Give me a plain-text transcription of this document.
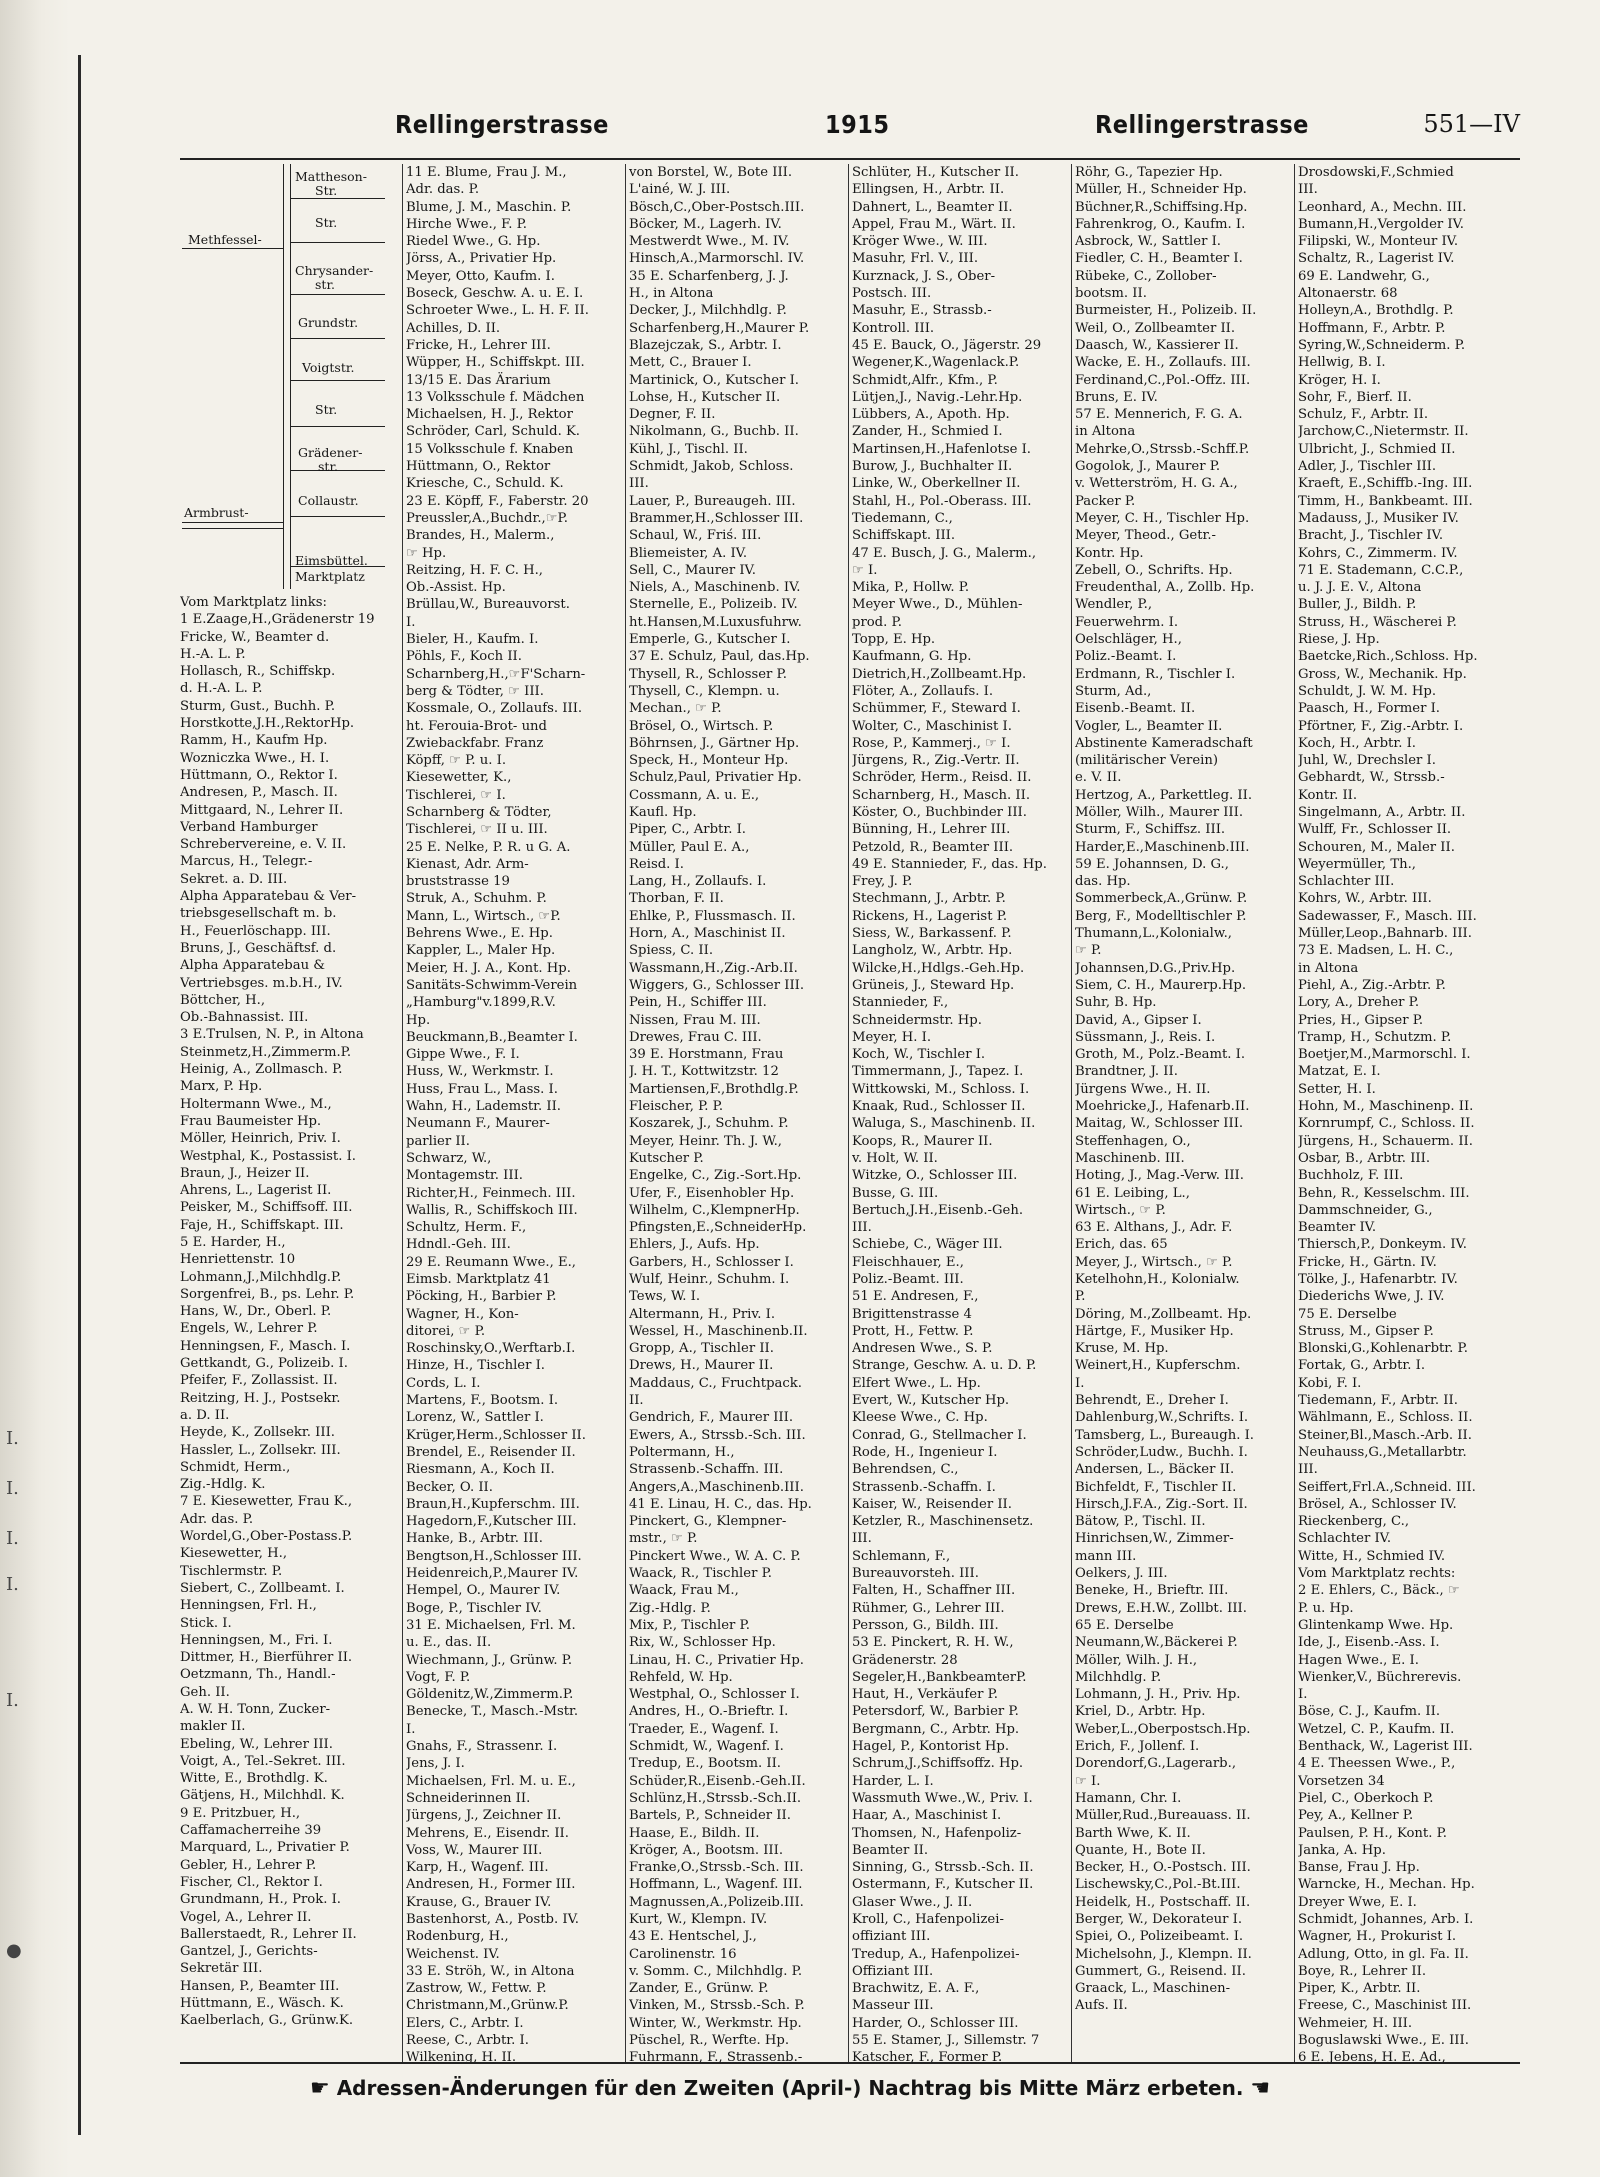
I.
I.
I.
I.
I.

●
Rellingerstrasse	1915	Rellingerstrasse	551—IV
Mattheson-
Str.
Str.
Chrysander-
str.
Grundstr.
Voigtstr.
Str.
Grädener-
str.
Collaustr.
Eimsbüttel.
Marktplatz
Methfessel-
Armbrust-
Vom Marktplatz links:
1 E.Zaage,H.,Grädenerstr 19
Fricke, W., Beamter d.
H.-A. L. P.
Hollasch, R., Schiffskp.
d. H.-A. L. P.
Sturm, Gust., Buchh. P.
Horstkotte,J.H.,RektorHp.
Ramm, H., Kaufm Hp.
Wozniczka Wwe., H. I.
Hüttmann, O., Rektor I.
Andresen, P., Masch. II.
Mittgaard, N., Lehrer II.
Verband Hamburger
Schrebervereine, e. V. II.
Marcus, H., Telegr.-
Sekret. a. D. III.
Alpha Apparatebau & Ver-
triebsgesellschaft m. b.
H., Feuerlöschapp. III.
Bruns, J., Geschäftsf. d.
Alpha Apparatebau &
Vertriebsges. m.b.H., IV.
Böttcher, H.,
Ob.-Bahnassist. III.
3 E.Trulsen, N. P., in Altona
Steinmetz,H.,Zimmerm.P.
Heinig, A., Zollmasch. P.
Marx, P. Hp.
Holtermann Wwe., M.,
Frau Baumeister Hp.
Möller, Heinrich, Priv. I.
Westphal, K., Postassist. I.
Braun, J., Heizer II.
Ahrens, L., Lagerist II.
Peisker, M., Schiffsoff. III.
Faje, H., Schiffskapt. III.
5 E. Harder, H.,
Henriettenstr. 10
Lohmann,J.,Milchhdlg.P.
Sorgenfrei, B., ps. Lehr. P.
Hans, W., Dr., Oberl. P.
Engels, W., Lehrer P.
Henningsen, F., Masch. I.
Gettkandt, G., Polizeib. I.
Pfeifer, F., Zollassist. II.
Reitzing, H. J., Postsekr.
a. D. II.
Heyde, K., Zollsekr. III.
Hassler, L., Zollsekr. III.
Schmidt, Herm.,
Zig.-Hdlg. K.
7 E. Kiesewetter, Frau K.,
Adr. das. P.
Wordel,G.,Ober-Postass.P.
Kiesewetter, H.,
Tischlermstr. P.
Siebert, C., Zollbeamt. I.
Henningsen, Frl. H.,
Stick. I.
Henningsen, M., Fri. I.
Dittmer, H., Bierführer II.
Oetzmann, Th., Handl.-
Geh. II.
A. W. H. Tonn, Zucker-
makler II.
Ebeling, W., Lehrer III.
Voigt, A., Tel.-Sekret. III.
Witte, E., Brothdlg. K.
Gätjens, H., Milchhdl. K.
9 E. Pritzbuer, H.,
Caffamacherreihe 39
Marquard, L., Privatier P.
Gebler, H., Lehrer P.
Fischer, Cl., Rektor I.
Grundmann, H., Prok. I.
Vogel, A., Lehrer II.
Ballerstaedt, R., Lehrer II.
Gantzel, J., Gerichts-
Sekretär III.
Hansen, P., Beamter III.
Hüttmann, E., Wäsch. K.
Kaelberlach, G., Grünw.K.
11 E. Blume, Frau J. M.,
Adr. das. P.
Blume, J. M., Maschin. P.
Hirche Wwe., F. P.
Riedel Wwe., G. Hp.
Jörss, A., Privatier Hp.
Meyer, Otto, Kaufm. I.
Boseck, Geschw. A. u. E. I.
Schroeter Wwe., L. H. F. II.
Achilles, D. II.
Fricke, H., Lehrer III.
Wüpper, H., Schiffskpt. III.
13/15 E. Das Ärarium
13 Volksschule f. Mädchen
Michaelsen, H. J., Rektor
Schröder, Carl, Schuld. K.
15 Volksschule f. Knaben
Hüttmann, O., Rektor
Kriesche, C., Schuld. K.
23 E. Köpff, F., Faberstr. 20
Preussler,A.,Buchdr.,☞P.
Brandes, H., Malerm.,
☞ Hp.
Reitzing, H. F. C. H.,
Ob.-Assist. Hp.
Brüllau,W., Bureauvorst.
I.
Bieler, H., Kaufm. I.
Pöhls, F., Koch II.
Scharnberg,H.,☞F'Scharn-
berg & Tödter, ☞ III.
Kossmale, O., Zollaufs. III.
ht. Ferouia-Brot- und
Zwiebackfabr. Franz
Köpff, ☞ P. u. I.
Kiesewetter, K.,
Tischlerei, ☞ I.
Scharnberg & Tödter,
Tischlerei, ☞ II u. III.
25 E. Nelke, P. R. u G. A.
Kienast, Adr. Arm-
bruststrasse 19
Struk, A., Schuhm. P.
Mann, L., Wirtsch., ☞P.
Behrens Wwe., E. Hp.
Kappler, L., Maler Hp.
Meier, H. J. A., Kont. Hp.
Sanitäts-Schwimm-Verein
„Hamburg"v.1899,R.V.
Hp.
Beuckmann,B.,Beamter I.
Gippe Wwe., F. I.
Huss, W., Werkmstr. I.
Huss, Frau L., Mass. I.
Wahn, H., Lademstr. II.
Neumann F., Maurer-
parlier II.
Schwarz, W.,
Montagemstr. III.
Richter,H., Feinmech. III.
Wallis, R., Schiffskoch III.
Schultz, Herm. F.,
Hdndl.-Geh. III.
29 E. Reumann Wwe., E.,
Eimsb. Marktplatz 41
Pöcking, H., Barbier P.
Wagner, H., Kon-
ditorei, ☞ P.
Roschinsky,O.,Werftarb.I.
Hinze, H., Tischler I.
Cords, L. I.
Martens, F., Bootsm. I.
Lorenz, W., Sattler I.
Krüger,Herm.,Schlosser II.
Brendel, E., Reisender II.
Riesmann, A., Koch II.
Becker, O. II.
Braun,H.,Kupferschm. III.
Hagedorn,F.,Kutscher III.
Hanke, B., Arbtr. III.
Bengtson,H.,Schlosser III.
Heidenreich,P.,Maurer IV.
Hempel, O., Maurer IV.
Boge, P., Tischler IV.
31 E. Michaelsen, Frl. M.
u. E., das. II.
Wiechmann, J., Grünw. P.
Vogt, F. P.
Göldenitz,W.,Zimmerm.P.
Benecke, T., Masch.-Mstr.
I.
Gnahs, F., Strassenr. I.
Jens, J. I.
Michaelsen, Frl. M. u. E.,
Schneiderinnen II.
Jürgens, J., Zeichner II.
Mehrens, E., Eisendr. II.
Voss, W., Maurer III.
Karp, H., Wagenf. III.
Andresen, H., Former III.
Krause, G., Brauer IV.
Bastenhorst, A., Postb. IV.
Rodenburg, H.,
Weichenst. IV.
33 E. Ströh, W., in Altona
Zastrow, W., Fettw. P.
Christmann,M.,Grünw.P.
Elers, C., Arbtr. I.
Reese, C., Arbtr. I.
Wilkening, H. II.
von Borstel, W., Bote III.
L'ainé, W. J. III.
Bösch,C.,Ober-Postsch.III.
Böcker, M., Lagerh. IV.
Mestwerdt Wwe., M. IV.
Hinsch,A.,Marmorschl. IV.
35 E. Scharfenberg, J. J.
H., in Altona
Decker, J., Milchhdlg. P.
Scharfenberg,H.,Maurer P.
Blazejczak, S., Arbtr. I.
Mett, C., Brauer I.
Martinick, O., Kutscher I.
Lohse, H., Kutscher II.
Degner, F. II.
Nikolmann, G., Buchb. II.
Kühl, J., Tischl. II.
Schmidt, Jakob, Schloss.
III.
Lauer, P., Bureaugeh. III.
Brammer,H.,Schlosser III.
Schaul, W., Friś. III.
Bliemeister, A. IV.
Sell, C., Maurer IV.
Niels, A., Maschinenb. IV.
Sternelle, E., Polizeib. IV.
ht.Hansen,M.Luxusfuhrw.
Emperle, G., Kutscher I.
37 E. Schulz, Paul, das.Hp.
Thysell, R., Schlosser P.
Thysell, C., Klempn. u.
Mechan., ☞ P.
Brösel, O., Wirtsch. P.
Böhrnsen, J., Gärtner Hp.
Speck, H., Monteur Hp.
Schulz,Paul, Privatier Hp.
Cossmann, A. u. E.,
Kaufl. Hp.
Piper, C., Arbtr. I.
Müller, Paul E. A.,
Reisd. I.
Lang, H., Zollaufs. I.
Thorban, F. II.
Ehlke, P., Flussmasch. II.
Horn, A., Maschinist II.
Spiess, C. II.
Wassmann,H.,Zig.-Arb.II.
Wiggers, G., Schlosser III.
Pein, H., Schiffer III.
Nissen, Frau M. III.
Drewes, Frau C. III.
39 E. Horstmann, Frau
J. H. T., Kottwitzstr. 12
Martiensen,F.,Brothdlg.P.
Fleischer, P. P.
Koszarek, J., Schuhm. P.
Meyer, Heinr. Th. J. W.,
Kutscher P.
Engelke, C., Zig.-Sort.Hp.
Ufer, F., Eisenhobler Hp.
Wilhelm, C.,KlempnerHp.
Pfingsten,E.,SchneiderHp.
Ehlers, J., Aufs. Hp.
Garbers, H., Schlosser I.
Wulf, Heinr., Schuhm. I.
Tews, W. I.
Altermann, H., Priv. I.
Wessel, H., Maschinenb.II.
Gropp, A., Tischler II.
Drews, H., Maurer II.
Maddaus, C., Fruchtpack.
II.
Gendrich, F., Maurer III.
Ewers, A., Strssb.-Sch. III.
Poltermann, H.,
Strassenb.-Schaffn. III.
Angers,A.,Maschinenb.III.
41 E. Linau, H. C., das. Hp.
Pinckert, G., Klempner-
mstr., ☞ P.
Pinckert Wwe., W. A. C. P.
Waack, R., Tischler P.
Waack, Frau M.,
Zig.-Hdlg. P.
Mix, P., Tischler P.
Rix, W., Schlosser Hp.
Linau, H. C., Privatier Hp.
Rehfeld, W. Hp.
Westphal, O., Schlosser I.
Andres, H., O.-Brieftr. I.
Traeder, E., Wagenf. I.
Schmidt, W., Wagenf. I.
Tredup, E., Bootsm. II.
Schüder,R.,Eisenb.-Geh.II.
Schlünz,H.,Strssb.-Sch.II.
Bartels, P., Schneider II.
Haase, E., Bildh. II.
Kröger, A., Bootsm. III.
Franke,O.,Strssb.-Sch. III.
Hoffmann, L., Wagenf. III.
Magnussen,A.,Polizeib.III.
Kurt, W., Klempn. IV.
43 E. Hentschel, J.,
Carolinenstr. 16
v. Somm. C., Milchhdlg. P.
Zander, E., Grünw. P.
Vinken, M., Strssb.-Sch. P.
Winter, W., Werkmstr. Hp.
Püschel, R., Werfte. Hp.
Fuhrmann, F., Strassenb.-
Schlüter, H., Kutscher II.
Ellingsen, H., Arbtr. II.
Dahnert, L., Beamter II.
Appel, Frau M., Wärt. II.
Kröger Wwe., W. III.
Masuhr, Frl. V., III.
Kurznack, J. S., Ober-
Postsch. III.
Masuhr, E., Strassb.-
Kontroll. III.
45 E. Bauck, O., Jägerstr. 29
Wegener,K.,Wagenlack.P.
Schmidt,Alfr., Kfm., P.
Lütjen,J., Navig.-Lehr.Hp.
Lübbers, A., Apoth. Hp.
Zander, H., Schmied I.
Martinsen,H.,Hafenlotse I.
Burow, J., Buchhalter II.
Linke, W., Oberkellner II.
Stahl, H., Pol.-Oberass. III.
Tiedemann, C.,
Schiffskapt. III.
47 E. Busch, J. G., Malerm.,
☞ I.
Mika, P., Hollw. P.
Meyer Wwe., D., Mühlen-
prod. P.
Topp, E. Hp.
Kaufmann, G. Hp.
Dietrich,H.,Zollbeamt.Hp.
Flöter, A., Zollaufs. I.
Schümmer, F., Steward I.
Wolter, C., Maschinist I.
Rose, P., Kammerj., ☞ I.
Jürgens, R., Zig.-Vertr. II.
Schröder, Herm., Reisd. II.
Scharnberg, H., Masch. II.
Köster, O., Buchbinder III.
Bünning, H., Lehrer III.
Petzold, R., Beamter III.
49 E. Stannieder, F., das. Hp.
Frey, J. P.
Stechmann, J., Arbtr. P.
Rickens, H., Lagerist P.
Siess, W., Barkassenf. P.
Langholz, W., Arbtr. Hp.
Wilcke,H.,Hdlgs.-Geh.Hp.
Grüneis, J., Steward Hp.
Stannieder, F.,
Schneidermstr. Hp.
Meyer, H. I.
Koch, W., Tischler I.
Timmermann, J., Tapez. I.
Wittkowski, M., Schloss. I.
Knaak, Rud., Schlosser II.
Waluga, S., Maschinenb. II.
Koops, R., Maurer II.
v. Holt, W. II.
Witzke, O., Schlosser III.
Busse, G. III.
Bertuch,J.H.,Eisenb.-Geh.
III.
Schiebe, C., Wäger III.
Fleischhauer, E.,
Poliz.-Beamt. III.
51 E. Andresen, F.,
Brigittenstrasse 4
Prott, H., Fettw. P.
Andresen Wwe., S. P.
Strange, Geschw. A. u. D. P.
Elfert Wwe., L. Hp.
Evert, W., Kutscher Hp.
Kleese Wwe., C. Hp.
Conrad, G., Stellmacher I.
Rode, H., Ingenieur I.
Behrendsen, C.,
Strassenb.-Schaffn. I.
Kaiser, W., Reisender II.
Ketzler, R., Maschinensetz.
III.
Schlemann, F.,
Bureauvorsteh. III.
Falten, H., Schaffner III.
Rühmer, G., Lehrer III.
Persson, G., Bildh. III.
53 E. Pinckert, R. H. W.,
Grädenerstr. 28
Segeler,H.,BankbeamterP.
Haut, H., Verkäufer P.
Petersdorf, W., Barbier P.
Bergmann, C., Arbtr. Hp.
Hagel, P., Kontorist Hp.
Schrum,J.,Schiffsoffz. Hp.
Harder, L. I.
Wassmuth Wwe.,W., Priv. I.
Haar, A., Maschinist I.
Thomsen, N., Hafenpoliz-
Beamter II.
Sinning, G., Strssb.-Sch. II.
Ostermann, F., Kutscher II.
Glaser Wwe., J. II.
Kroll, C., Hafenpolizei-
offiziant III.
Tredup, A., Hafenpolizei-
Offiziant III.
Brachwitz, E. A. F.,
Masseur III.
Harder, O., Schlosser III.
55 E. Stamer, J., Sillemstr. 7
Katscher, F., Former P.
Röhr, G., Tapezier Hp.
Müller, H., Schneider Hp.
Büchner,R.,Schiffsing.Hp.
Fahrenkrog, O., Kaufm. I.
Asbrock, W., Sattler I.
Fiedler, C. H., Beamter I.
Rübeke, C., Zollober-
bootsm. II.
Burmeister, H., Polizeib. II.
Weil, O., Zollbeamter II.
Daasch, W., Kassierer II.
Wacke, E. H., Zollaufs. III.
Ferdinand,C.,Pol.-Offz. III.
Bruns, E. IV.
57 E. Mennerich, F. G. A.
in Altona
Mehrke,O.,Strssb.-Schff.P.
Gogolok, J., Maurer P.
v. Wetterström, H. G. A.,
Packer P.
Meyer, C. H., Tischler Hp.
Meyer, Theod., Getr.-
Kontr. Hp.
Zebell, O., Schrifts. Hp.
Freudenthal, A., Zollb. Hp.
Wendler, P.,
Feuerwehrm. I.
Oelschläger, H.,
Poliz.-Beamt. I.
Erdmann, R., Tischler I.
Sturm, Ad.,
Eisenb.-Beamt. II.
Vogler, L., Beamter II.
Abstinente Kameradschaft
(militärischer Verein)
e. V. II.
Hertzog, A., Parkettleg. II.
Möller, Wilh., Maurer III.
Sturm, F., Schiffsz. III.
Harder,E.,Maschinenb.III.
59 E. Johannsen, D. G.,
das. Hp.
Sommerbeck,A.,Grünw. P.
Berg, F., Modelltischler P.
Thumann,L.,Kolonialw.,
☞ P.
Johannsen,D.G.,Priv.Hp.
Siem, C. H., Maurerp.Hp.
Suhr, B. Hp.
David, A., Gipser I.
Süssmann, J., Reis. I.
Groth, M., Polz.-Beamt. I.
Brandtner, J. II.
Jürgens Wwe., H. II.
Moehricke,J., Hafenarb.II.
Maitag, W., Schlosser III.
Steffenhagen, O.,
Maschinenb. III.
Hoting, J., Mag.-Verw. III.
61 E. Leibing, L.,
Wirtsch., ☞ P.
63 E. Althans, J., Adr. F.
Erich, das. 65
Meyer, J., Wirtsch., ☞ P.
Ketelhohn,H., Kolonialw.
P.
Döring, M.,Zollbeamt. Hp.
Härtge, F., Musiker Hp.
Kruse, M. Hp.
Weinert,H., Kupferschm.
I.
Behrendt, E., Dreher I.
Dahlenburg,W.,Schrifts. I.
Tamsberg, L., Bureaugh. I.
Schröder,Ludw., Buchh. I.
Andersen, L., Bäcker II.
Bichfeldt, F., Tischler II.
Hirsch,J.F.A., Zig.-Sort. II.
Bätow, P., Tischl. II.
Hinrichsen,W., Zimmer-
mann III.
Oelkers, J. III.
Beneke, H., Brieftr. III.
Drews, E.H.W., Zollbt. III.
65 E. Derselbe
Neumann,W.,Bäckerei P.
Möller, Wilh. J. H.,
Milchhdlg. P.
Lohmann, J. H., Priv. Hp.
Kriel, D., Arbtr. Hp.
Weber,L.,Oberpostsch.Hp.
Erich, F., Jollenf. I.
Dorendorf,G.,Lagerarb.,
☞ I.
Hamann, Chr. I.
Müller,Rud.,Bureauass. II.
Barth Wwe, K. II.
Quante, H., Bote II.
Becker, H., O.-Postsch. III.
Lischewsky,C.,Pol.-Bt.III.
Heidelk, H., Postschaff. II.
Berger, W., Dekorateur I.
Spiei, O., Polizeibeamt. I.
Michelsohn, J., Klempn. II.
Gummert, G., Reisend. II.
Graack, L., Maschinen-
Aufs. II.
Drosdowski,F.,Schmied
III.
Leonhard, A., Mechn. III.
Bumann,H.,Vergolder IV.
Filipski, W., Monteur IV.
Schaltz, R., Lagerist IV.
69 E. Landwehr, G.,
Altonaerstr. 68
Holleyn,A., Brothdlg. P.
Hoffmann, F., Arbtr. P.
Syring,W.,Schneiderm. P.
Hellwig, B. I.
Kröger, H. I.
Sohr, F., Bierf. II.
Schulz, F., Arbtr. II.
Jarchow,C.,Nietermstr. II.
Ulbricht, J., Schmied II.
Adler, J., Tischler III.
Kraeft, E.,Schiffb.-Ing. III.
Timm, H., Bankbeamt. III.
Madauss, J., Musiker IV.
Bracht, J., Tischler IV.
Kohrs, C., Zimmerm. IV.
71 E. Stademann, C.C.P.,
u. J. J. E. V., Altona
Buller, J., Bildh. P.
Struss, H., Wäscherei P.
Riese, J. Hp.
Baetcke,Rich.,Schloss. Hp.
Gross, W., Mechanik. Hp.
Schuldt, J. W. M. Hp.
Paasch, H., Former I.
Pförtner, F., Zig.-Arbtr. I.
Koch, H., Arbtr. I.
Juhl, W., Drechsler I.
Gebhardt, W., Strssb.-
Kontr. II.
Singelmann, A., Arbtr. II.
Wulff, Fr., Schlosser II.
Schouren, M., Maler II.
Weyermüller, Th.,
Schlachter III.
Kohrs, W., Arbtr. III.
Sadewasser, F., Masch. III.
Müller,Leop.,Bahnarb. III.
73 E. Madsen, L. H. C.,
in Altona
Piehl, A., Zig.-Arbtr. P.
Lory, A., Dreher P.
Pries, H., Gipser P.
Tramp, H., Schutzm. P.
Boetjer,M.,Marmorschl. I.
Matzat, E. I.
Setter, H. I.
Hohn, M., Maschinenp. II.
Kornrumpf, C., Schloss. II.
Jürgens, H., Schauerm. II.
Osbar, B., Arbtr. III.
Buchholz, F. III.
Behn, R., Kesselschm. III.
Dammschneider, G.,
Beamter IV.
Thiersch,P., Donkeym. IV.
Fricke, H., Gärtn. IV.
Tölke, J., Hafenarbtr. IV.
Diederichs Wwe, J. IV.
75 E. Derselbe
Struss, M., Gipser P.
Blonski,G.,Kohlenarbtr. P.
Fortak, G., Arbtr. I.
Kobi, F. I.
Tiedemann, F., Arbtr. II.
Wählmann, E., Schloss. II.
Steiner,Bl.,Masch.-Arb. II.
Neuhauss,G.,Metallarbtr.
III.
Seiffert,Frl.A.,Schneid. III.
Brösel, A., Schlosser IV.
Rieckenberg, C.,
Schlachter IV.
Witte, H., Schmied IV.
Vom Marktplatz rechts:
2 E. Ehlers, C., Bäck., ☞
P. u. Hp.
Glintenkamp Wwe. Hp.
Ide, J., Eisenb.-Ass. I.
Hagen Wwe., E. I.
Wienker,V., Büchrerevis.
I.
Böse, C. J., Kaufm. II.
Wetzel, C. P., Kaufm. II.
Benthack, W., Lagerist III.
4 E. Theessen Wwe., P.,
Vorsetzen 34
Piel, C., Oberkoch P.
Pey, A., Kellner P.
Paulsen, P. H., Kont. P.
Janka, A. Hp.
Banse, Frau J. Hp.
Warncke, H., Mechan. Hp.
Dreyer Wwe, E. I.
Schmidt, Johannes, Arb. I.
Wagner, H., Prokurist I.
Adlung, Otto, in gl. Fa. II.
Boye, R., Lehrer II.
Piper, K., Arbtr. II.
Freese, C., Maschinist III.
Wehmeier, H. III.
Boguslawski Wwe., E. III.
6 E. Jebens, H. E. Ad.,
☛ Adressen-Änderungen für den Zweiten (April-) Nachtrag bis Mitte März erbeten. ☚
